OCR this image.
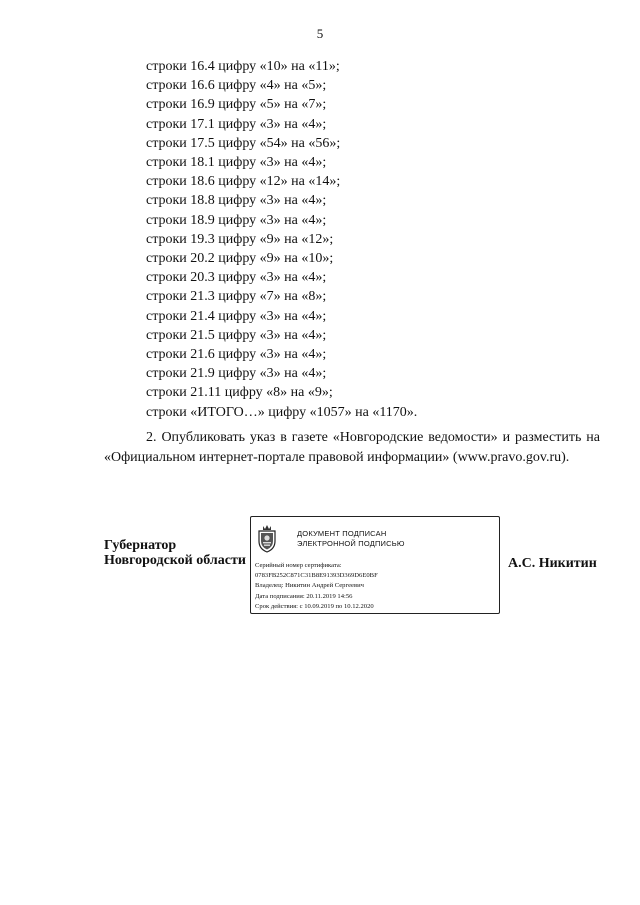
5
строки 16.4 цифру «10» на «11»;
строки 16.6 цифру «4» на «5»;
строки 16.9 цифру «5» на «7»;
строки 17.1 цифру «3» на «4»;
строки 17.5 цифру «54» на «56»;
строки 18.1 цифру «3» на «4»;
строки 18.6 цифру «12» на «14»;
строки 18.8 цифру «3» на «4»;
строки 18.9 цифру «3» на «4»;
строки 19.3 цифру «9» на «12»;
строки 20.2 цифру «9» на «10»;
строки 20.3 цифру «3» на «4»;
строки 21.3 цифру «7» на «8»;
строки 21.4 цифру «3» на «4»;
строки 21.5 цифру «3» на «4»;
строки 21.6 цифру «3» на «4»;
строки 21.9 цифру «3» на «4»;
строки 21.11 цифру «8» на «9»;
строки «ИТОГО…» цифру «1057» на «1170».
2. Опубликовать указ в газете «Новгородские ведомости» и разместить на «Официальном интернет-портале правовой информации» (www.pravo.gov.ru).
Губернатор
Новгородской области
ДОКУМЕНТ ПОДПИСАН
ЭЛЕКТРОННОЙ ПОДПИСЬЮ
Серийный номер сертификата:
0783FB252C871C31B8E91393D369D6E0BF
Владелец: Никитин Андрей Сергеевич
Дата подписания: 20.11.2019 14:56
Срок действия: с 10.09.2019 по 10.12.2020
А.С. Никитин
